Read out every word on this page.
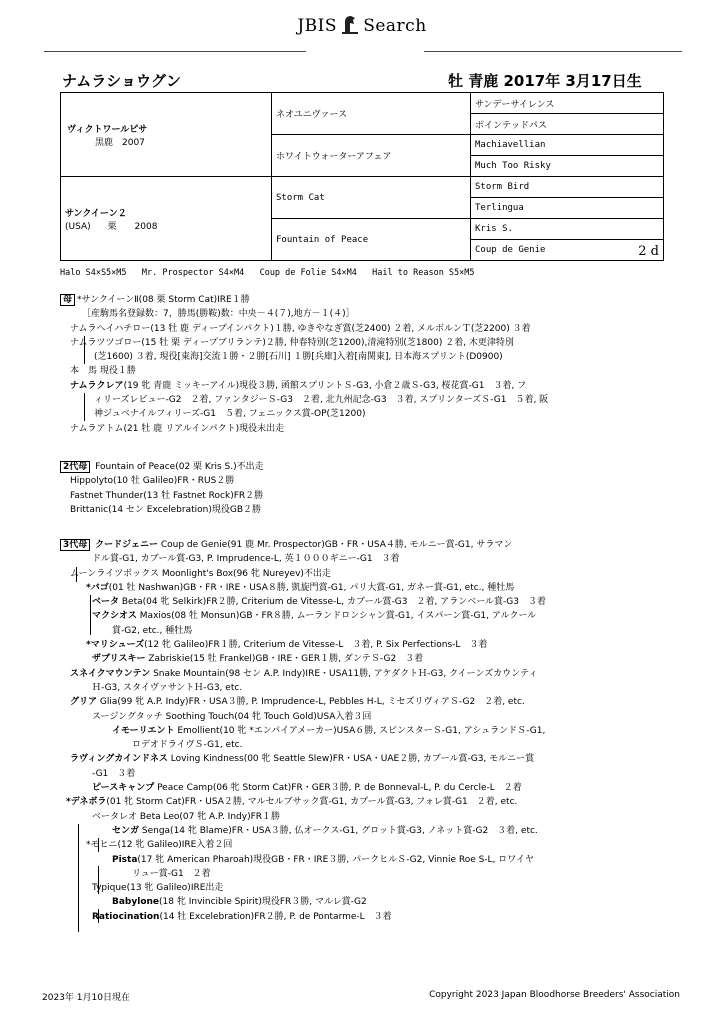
JBIS Search
ナムラショウグン	牡 青鹿 2017年 3月17日生
ヴィクトワールピサ
黒鹿　2007	ネオユニヴァース	サンデーサイレンス
		ポインテッドパス
	ホワイトウォーターアフェア	Machiavellian
		Much Too Risky

サンクイーン２
(USA) 栗　　2008	Storm Cat	Storm Bird
		Terlingua
	Fountain of Peace	Kris S.
		Coup de Genie 2 d
Halo S4×S5×M5   Mr. Prospector S4×M4   Coup de Folie S4×M4   Hail to Reason S5×M5
母 *サンクイーンⅡ(08 栗 Storm Cat)IRE１勝
［産駒馬名登録数：7，勝馬(勝鞍)数：中央－４(７),地方－１(４)］
ナムラヘイハチロー(13 牡 鹿 ディープインパクト)１勝, ゆきやなぎ賞(芝2400) ２着, メルボルンＴ(芝2200) ３着
ナムラツツゴロー(15 牡 栗 ディープブリランテ)２勝, 仲春特別(芝1200),清滝特別(芝1800) ２着, 木更津特別
(芝1600) ３着, 現役[東海]交流１勝・２勝[石川] １勝[兵庫]入着[南関東], 日本海スプリント(D0900)
本　馬 現役１勝
ナムラクレア(19 牝 青鹿 ミッキーアイル)現役３勝, 函館スプリントＳ-G3, 小倉２歳Ｓ-G3, 桜花賞-G1　３着, フ
ィリーズレビュー-G2　２着, ファンタジーＳ-G3　２着, 北九州記念-G3　３着, スプリンターズＳ-G1　５着, 阪
神ジュベナイルフィリーズ-G1　５着, フェニックス賞-OP(芝1200)
ナムラアトム(21 牡 鹿 リアルインパクト)現役未出走
2代母 Fountain of Peace(02 栗 Kris S.)不出走
Hippolyto(10 牡 Galileo)FR・RUS２勝
Fastnet Thunder(13 牡 Fastnet Rock)FR２勝
Brittanic(14 セン Excelebration)現役GB２勝
3代母 クードジェニー Coup de Genie(91 鹿 Mr. Prospector)GB・FR・USA４勝, モルニー賞-G1, サラマン
ドル賞-G1, カブール賞-G3, P. Imprudence-L, 英１０００ギニー-G1　３着
ムーンライツボックス Moonlight's Box(96 牝 Nureyev)不出走
*バゴ(01 牡 Nashwan)GB・FR・IRE・USA８勝, 凱旋門賞-G1, パリ大賞-G1, ガネー賞-G1, etc., 種牡馬
ベータ Beta(04 牝 Selkirk)FR２勝, Criterium de Vitesse-L, カブール賞-G3　２着, アランベール賞-G3　３着
マクシオス Maxios(08 牡 Monsun)GB・FR８勝, ムーランドロンシャン賞-G1, イスパーン賞-G1, アルクール
賞-G2, etc., 種牡馬
*マリシューズ(12 牝 Galileo)FR１勝, Criterium de Vitesse-L　３着, P. Six Perfections-L　３着
ザブリスキー Zabriskie(15 牡 Frankel)GB・IRE・GER１勝, ダンテＳ-G2　３着
スネイクマウンテン Snake Mountain(98 セン A.P. Indy)IRE・USA11勝, アケダクトＨ-G3, クイーンズカウンティ
Ｈ-G3, スタイヴァサントＨ-G3, etc.
グリア Glia(99 牝 A.P. Indy)FR・USA３勝, P. Imprudence-L, Pebbles H-L, ミセズリヴィアＳ-G2　２着, etc.
スージングタッチ Soothing Touch(04 牝 Touch Gold)USA入着３回
イモーリエント Emollient(10 牝 *エンパイアメーカー)USA６勝, スピンスターＳ-G1, アシュランドＳ-G1,
ロデオドライヴＳ-G1, etc.
ラヴィングカインドネス Loving Kindness(00 牝 Seattle Slew)FR・USA・UAE２勝, カブール賞-G3, モルニー賞
-G1　３着
ピースキャンプ Peace Camp(06 牝 Storm Cat)FR・GER３勝, P. de Bonneval-L, P. du Cercle-L　２着
*デネボラ(01 牝 Storm Cat)FR・USA２勝, マルセルブサック賞-G1, カブール賞-G3, フォレ賞-G1　２着, etc.
ベータレオ Beta Leo(07 牝 A.P. Indy)FR１勝
センガ Senga(14 牝 Blame)FR・USA３勝, 仏オークス-G1, グロット賞-G3, ノネット賞-G2　３着, etc.
*モヒニ(12 牝 Galileo)IRE入着２回
Pista(17 牝 American Pharoah)現役GB・FR・IRE３勝, パークヒルＳ-G2, Vinnie Roe S-L, ロワイヤ
リュー賞-G1　２着
Typique(13 牝 Galileo)IRE出走
Babylone(18 牝 Invincible Spirit)現役FR３勝, マルレ賞-G2
Ratiocination(14 牡 Excelebration)FR２勝, P. de Pontarme-L　３着
2023年 1月10日現在	Copyright 2023 Japan Bloodhorse Breeders' Association
